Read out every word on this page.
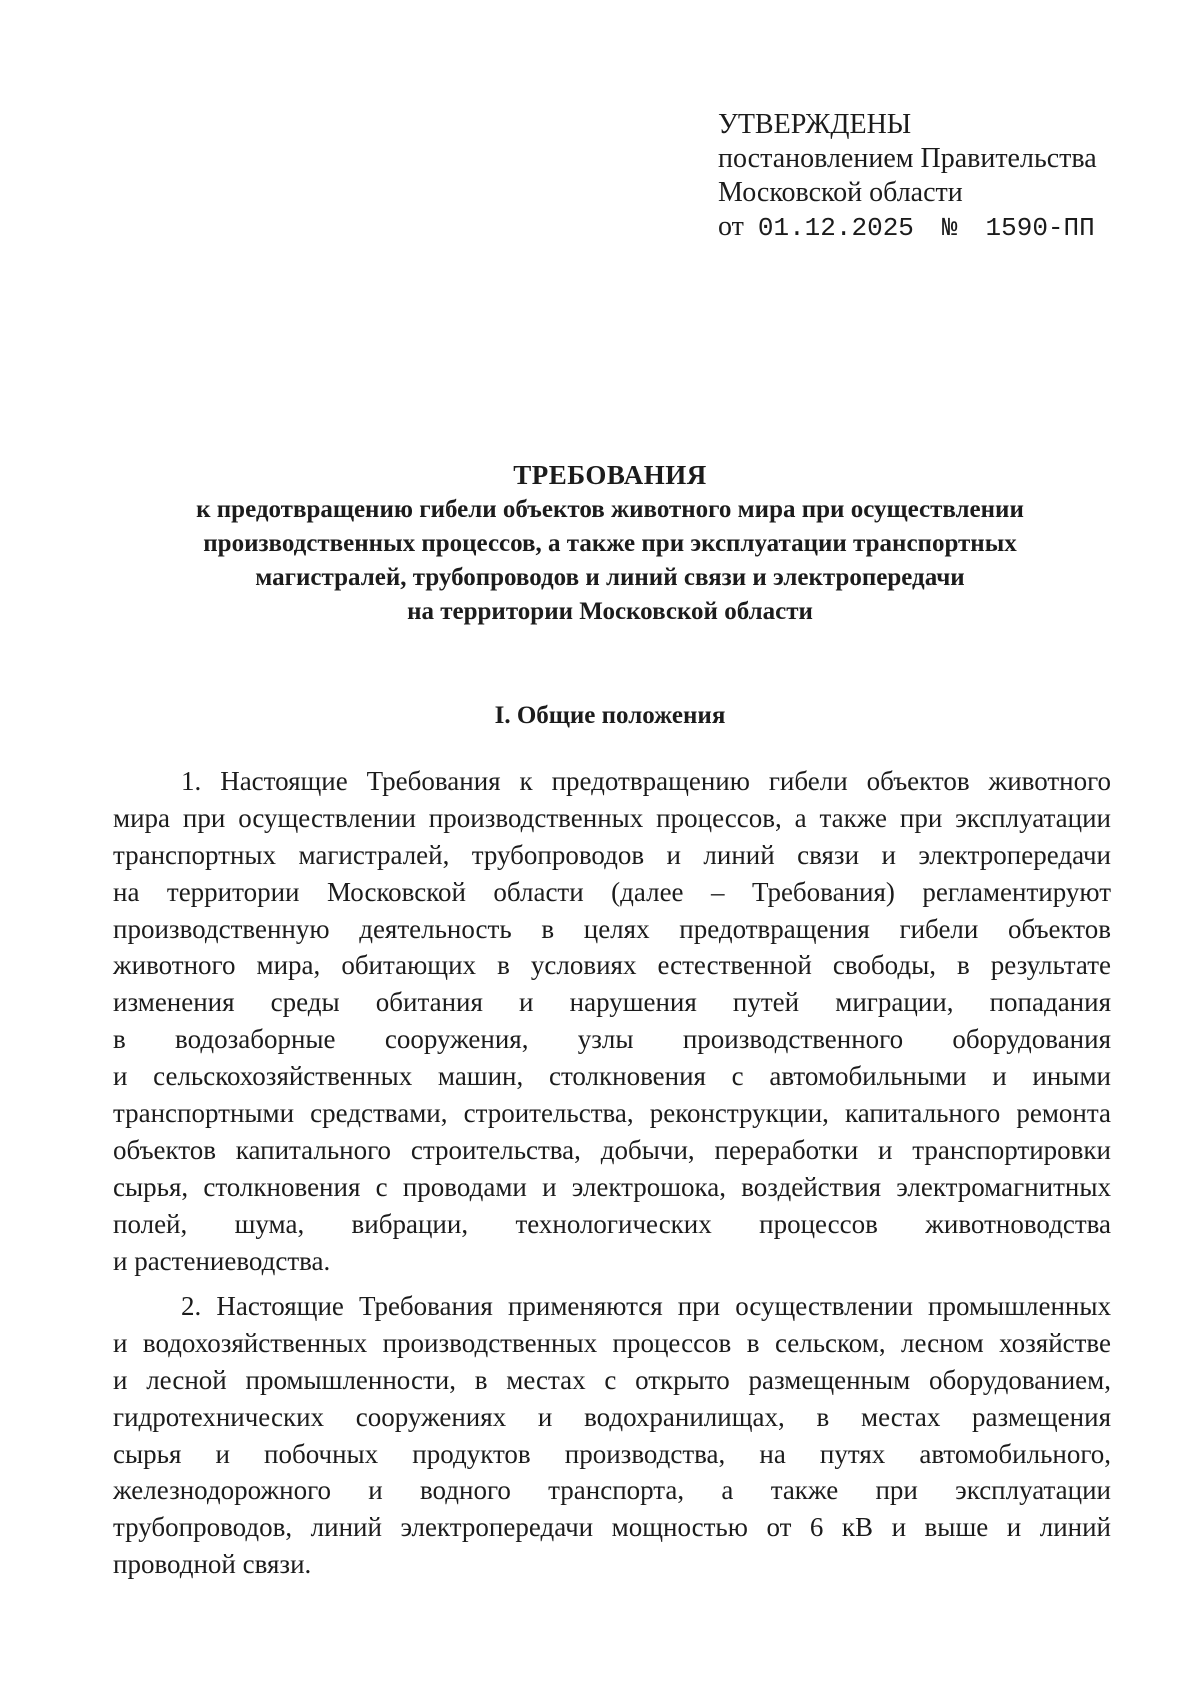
УТВЕРЖДЕНЫ
постановлением Правительства
Московской области
от 01.12.2025 № 1590-ПП
ТРЕБОВАНИЯ
к предотвращению гибели объектов животного мира при осуществлении
производственных процессов, а также при эксплуатации транспортных
магистралей, трубопроводов и линий связи и электропередачи
на территории Московской области
I. Общие положения
1. Настоящие Требования к предотвращению гибели объектов животного
мира при осуществлении производственных процессов, а также при эксплуатации
транспортных магистралей, трубопроводов и линий связи и электропередачи
на территории Московской области (далее – Требования) регламентируют
производственную деятельность в целях предотвращения гибели объектов
животного мира, обитающих в условиях естественной свободы, в результате
изменения среды обитания и нарушения путей миграции, попадания
в водозаборные сооружения, узлы производственного оборудования
и сельскохозяйственных машин, столкновения с автомобильными и иными
транспортными средствами, строительства, реконструкции, капитального ремонта
объектов капитального строительства, добычи, переработки и транспортировки
сырья, столкновения с проводами и электрошока, воздействия электромагнитных
полей, шума, вибрации, технологических процессов животноводства
и растениеводства.
2. Настоящие Требования применяются при осуществлении промышленных
и водохозяйственных производственных процессов в сельском, лесном хозяйстве
и лесной промышленности, в местах с открыто размещенным оборудованием,
гидротехнических сооружениях и водохранилищах, в местах размещения
сырья и побочных продуктов производства, на путях автомобильного,
железнодорожного и водного транспорта, а также при эксплуатации
трубопроводов, линий электропередачи мощностью от 6 кВ и выше и линий
проводной связи.
